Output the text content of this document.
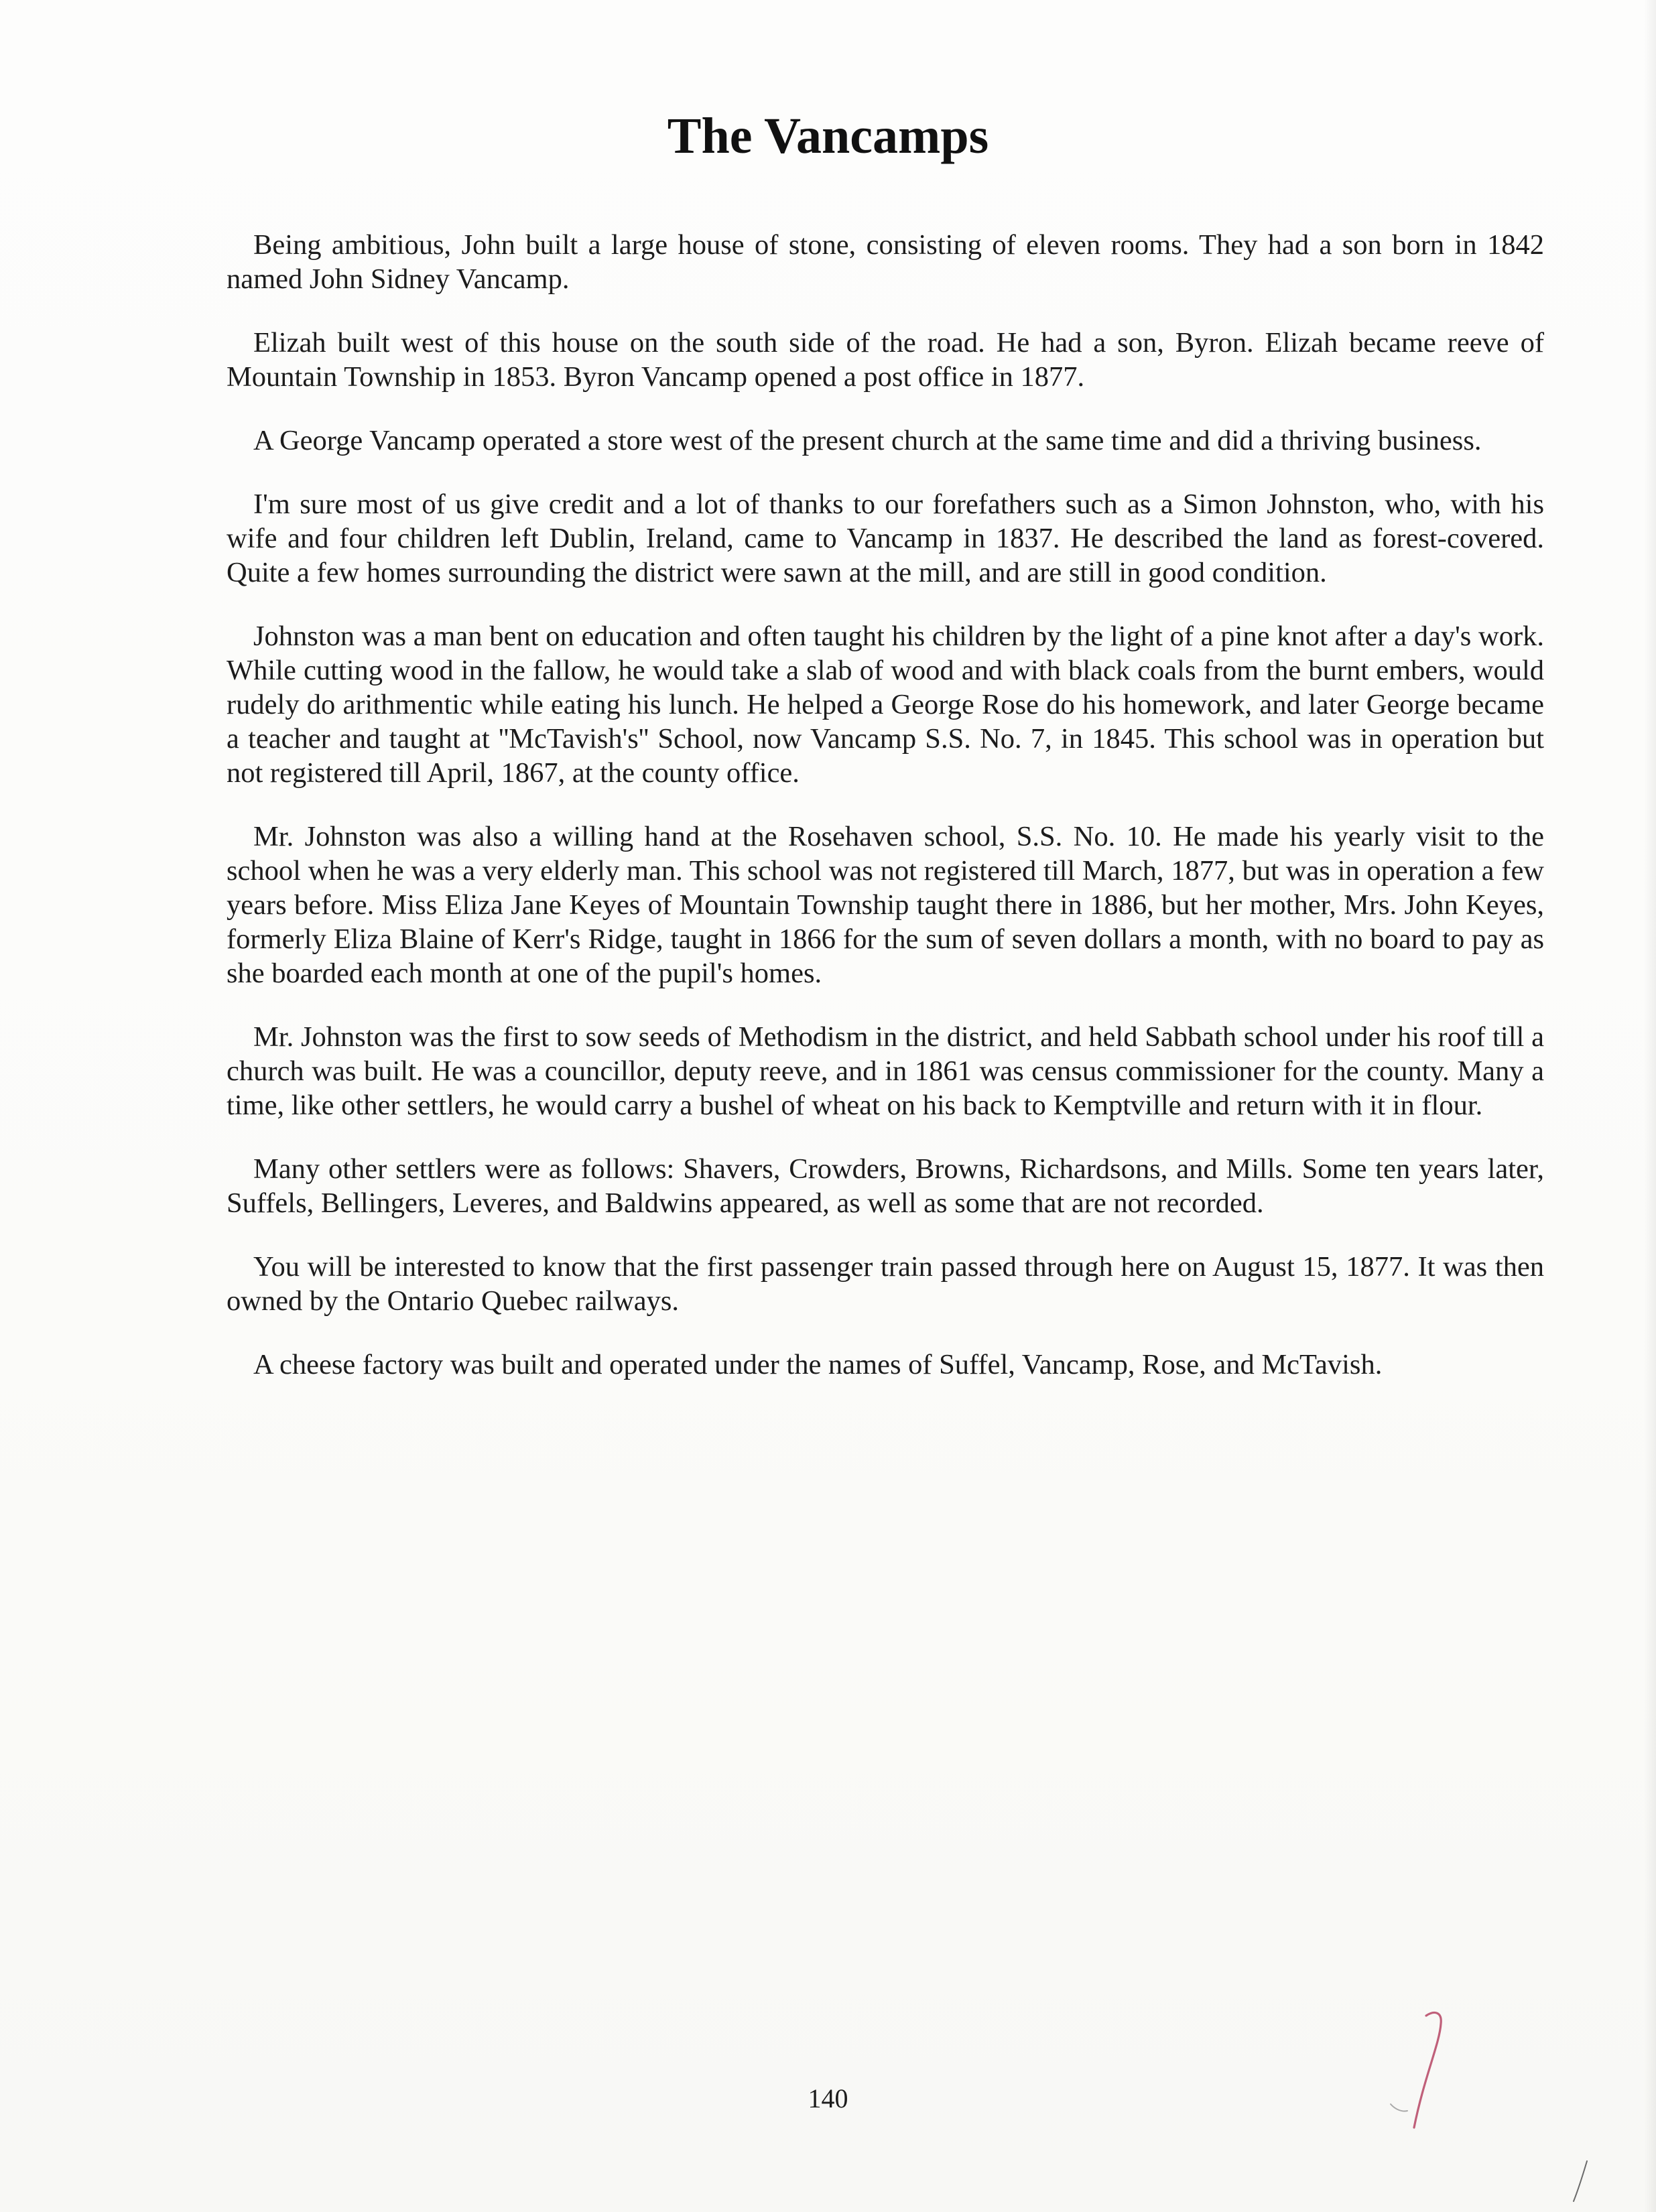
The Vancamps

Being ambitious, John built a large house of stone, consisting of eleven rooms. They had a son born in 1842 named John Sidney Vancamp.

Elizah built west of this house on the south side of the road. He had a son, Byron. Elizah became reeve of Mountain Township in 1853. Byron Vancamp opened a post office in 1877.

A George Vancamp operated a store west of the present church at the same time and did a thriving business.

I'm sure most of us give credit and a lot of thanks to our forefathers such as a Simon Johnston, who, with his wife and four children left Dublin, Ireland, came to Vancamp in 1837. He described the land as forest-covered. Quite a few homes surrounding the district were sawn at the mill, and are still in good condition.

Johnston was a man bent on education and often taught his children by the light of a pine knot after a day's work. While cutting wood in the fallow, he would take a slab of wood and with black coals from the burnt embers, would rudely do arithmentic while eating his lunch. He helped a George Rose do his homework, and later George became a teacher and taught at ''McTavish's'' School, now Vancamp S.S. No. 7, in 1845. This school was in operation but not registered till April, 1867, at the county office.

Mr. Johnston was also a willing hand at the Rosehaven school, S.S. No. 10. He made his yearly visit to the school when he was a very elderly man. This school was not registered till March, 1877, but was in operation a few years before. Miss Eliza Jane Keyes of Mountain Township taught there in 1886, but her mother, Mrs. John Keyes, formerly Eliza Blaine of Kerr's Ridge, taught in 1866 for the sum of seven dollars a month, with no board to pay as she boarded each month at one of the pupil's homes.

Mr. Johnston was the first to sow seeds of Methodism in the district, and held Sabbath school under his roof till a church was built. He was a councillor, deputy reeve, and in 1861 was census commissioner for the county. Many a time, like other settlers, he would carry a bushel of wheat on his back to Kemptville and return with it in flour.

Many other settlers were as follows: Shavers, Crowders, Browns, Richardsons, and Mills. Some ten years later, Suffels, Bellingers, Leveres, and Baldwins appeared, as well as some that are not recorded.

You will be interested to know that the first passenger train passed through here on August 15, 1877. It was then owned by the Ontario Quebec railways.

A cheese factory was built and operated under the names of Suffel, Vancamp, Rose, and McTavish.

140
